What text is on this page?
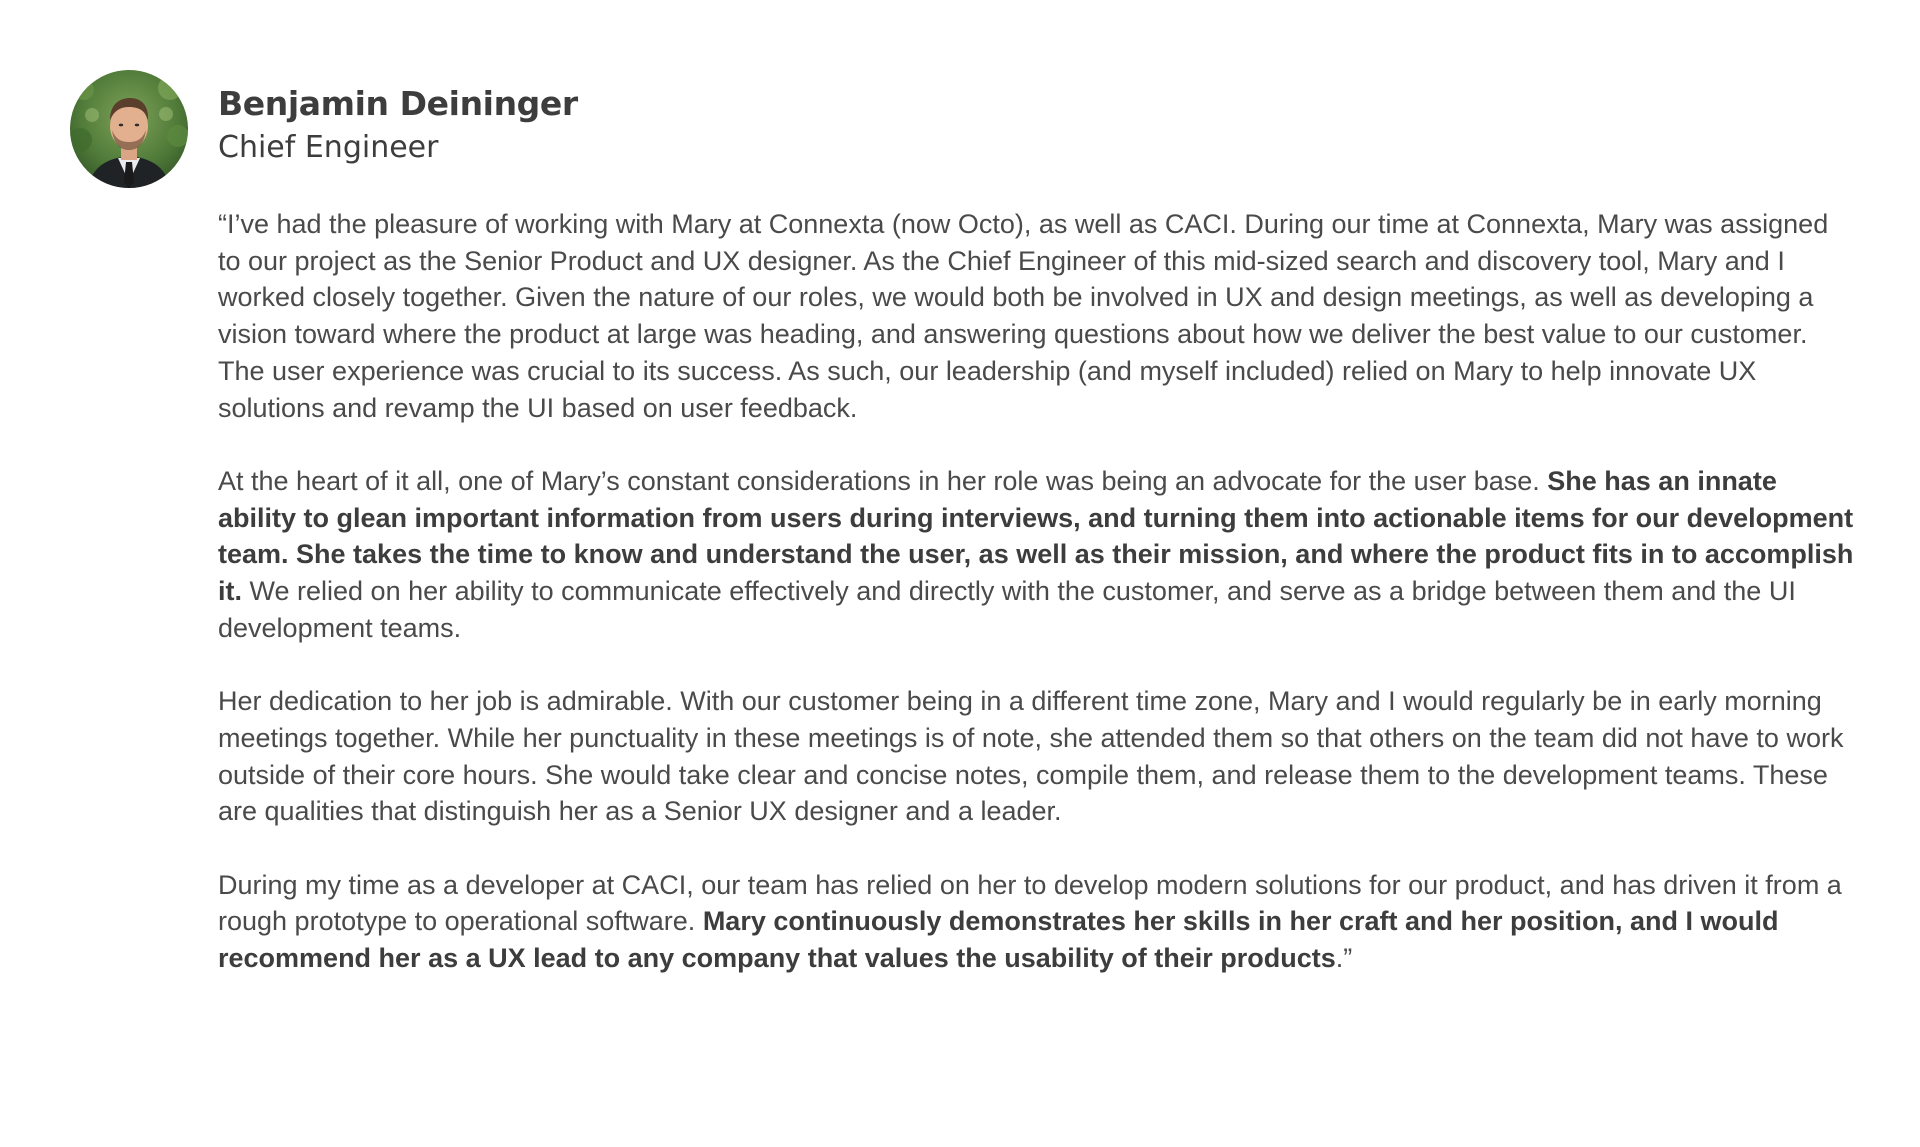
Benjamin Deininger
Chief Engineer

“I’ve had the pleasure of working with Mary at Connexta (now Octo), as well as CACI. During our time at Connexta, Mary was assigned to our project as the Senior Product and UX designer. As the Chief Engineer of this mid-sized search and discovery tool, Mary and I worked closely together. Given the nature of our roles, we would both be involved in UX and design meetings, as well as developing a vision toward where the product at large was heading, and answering questions about how we deliver the best value to our customer. The user experience was crucial to its success. As such, our leadership (and myself included) relied on Mary to help innovate UX solutions and revamp the UI based on user feedback.

At the heart of it all, one of Mary’s constant considerations in her role was being an advocate for the user base. She has an innate ability to glean important information from users during interviews, and turning them into actionable items for our development team. She takes the time to know and understand the user, as well as their mission, and where the product fits in to accomplish it. We relied on her ability to communicate effectively and directly with the customer, and serve as a bridge between them and the UI development teams.

Her dedication to her job is admirable. With our customer being in a different time zone, Mary and I would regularly be in early morning meetings together. While her punctuality in these meetings is of note, she attended them so that others on the team did not have to work outside of their core hours. She would take clear and concise notes, compile them, and release them to the development teams. These are qualities that distinguish her as a Senior UX designer and a leader.

During my time as a developer at CACI, our team has relied on her to develop modern solutions for our product, and has driven it from a rough prototype to operational software. Mary continuously demonstrates her skills in her craft and her position, and I would recommend her as a UX lead to any company that values the usability of their products.”
